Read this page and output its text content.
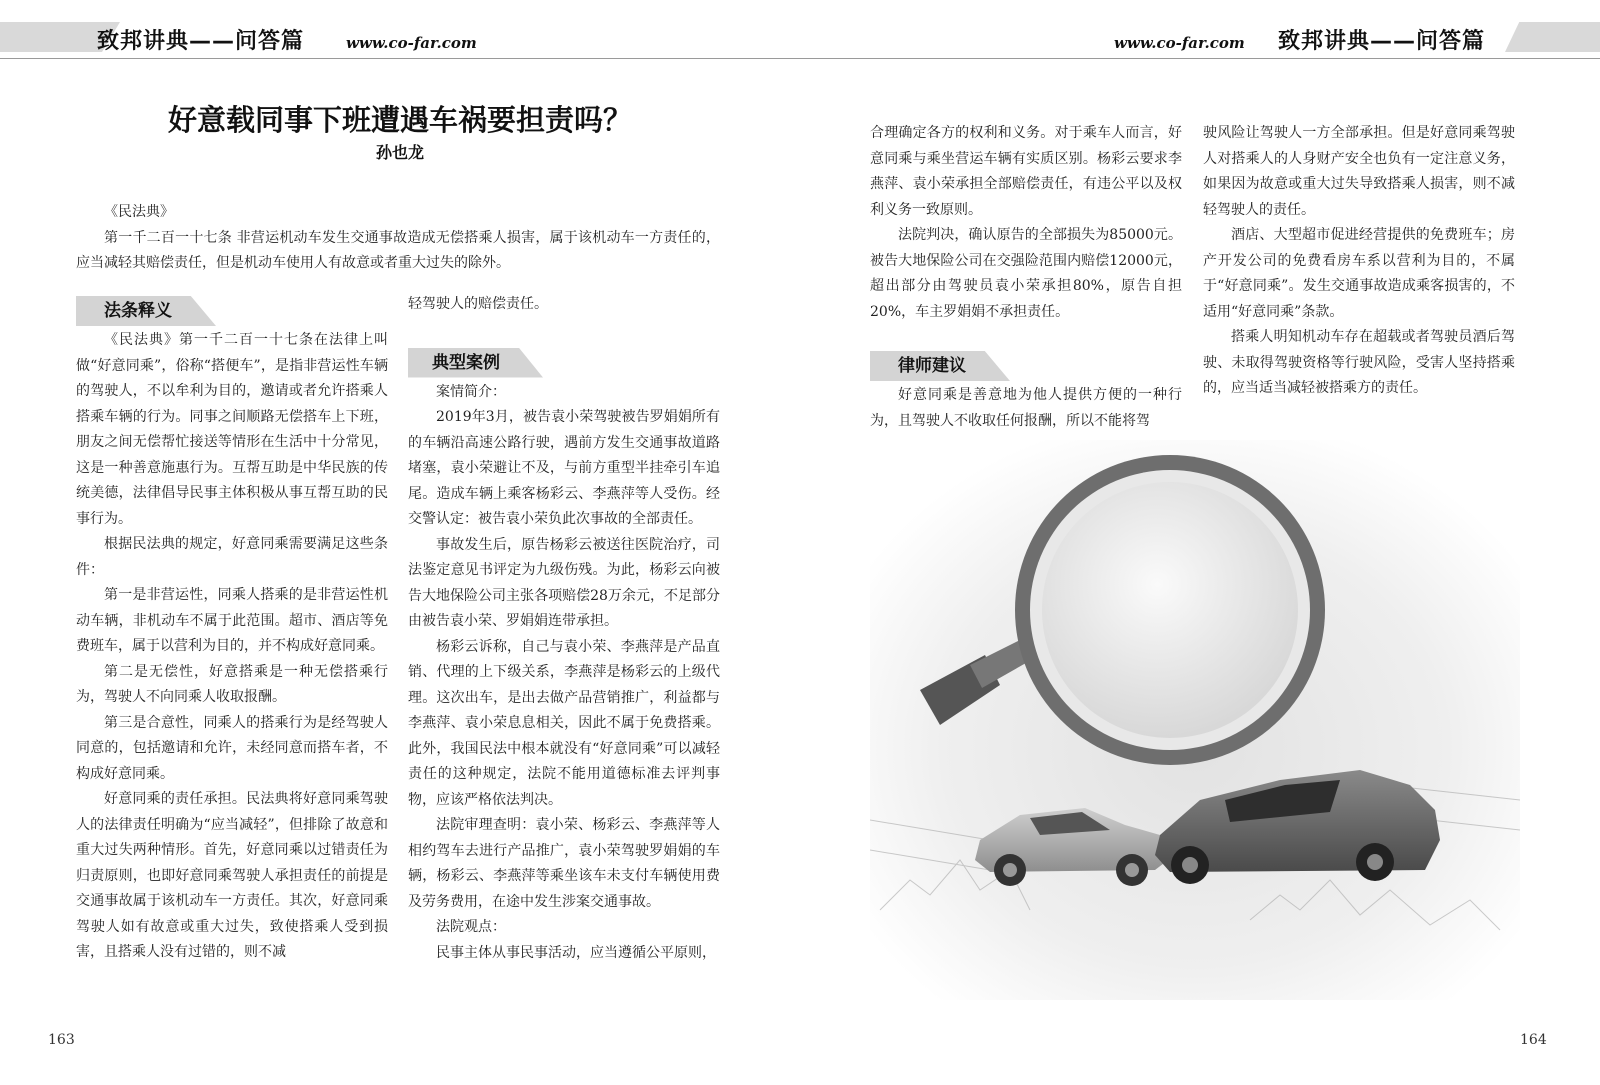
致邦讲典——问答篇	www.co-far.com	www.co-far.com 致邦讲典——问答篇
好意载同事下班遭遇车祸要担责吗？
孙也龙

《民法典》

第一千二百一十七条 非营运机动车发生交通事故造成无偿搭乘人损害，属于该机动车一方责任的，应当减轻其赔偿责任，但是机动车使用人有故意或者重大过失的除外。

法条释义

《民法典》第一千二百一十七条在法律上叫做“好意同乘”，俗称“搭便车”，是指非营运性车辆的驾驶人，不以牟利为目的，邀请或者允许搭乘人搭乘车辆的行为。同事之间顺路无偿搭车上下班，朋友之间无偿帮忙接送等情形在生活中十分常见，这是一种善意施惠行为。互帮互助是中华民族的传统美德，法律倡导民事主体积极从事互帮互助的民事行为。

根据民法典的规定，好意同乘需要满足这些条件：

第一是非营运性，同乘人搭乘的是非营运性机动车辆，非机动车不属于此范围。超市、酒店等免费班车，属于以营利为目的，并不构成好意同乘。

第二是无偿性，好意搭乘是一种无偿搭乘行为，驾驶人不向同乘人收取报酬。

第三是合意性，同乘人的搭乘行为是经驾驶人同意的，包括邀请和允许，未经同意而搭车者，不构成好意同乘。

好意同乘的责任承担。民法典将好意同乘驾驶人的法律责任明确为“应当减轻”，但排除了故意和重大过失两种情形。首先，好意同乘以过错责任为归责原则，也即好意同乘驾驶人承担责任的前提是交通事故属于该机动车一方责任。其次，好意同乘驾驶人如有故意或重大过失，致使搭乘人受到损害，且搭乘人没有过错的，则不减

轻驾驶人的赔偿责任。

典型案例

案情简介：

2019年3月，被告袁小荣驾驶被告罗娟娟所有的车辆沿高速公路行驶，遇前方发生交通事故道路堵塞，袁小荣避让不及，与前方重型半挂牵引车追尾。造成车辆上乘客杨彩云、李燕萍等人受伤。经交警认定：被告袁小荣负此次事故的全部责任。

事故发生后，原告杨彩云被送往医院治疗，司法鉴定意见书评定为九级伤残。为此，杨彩云向被告大地保险公司主张各项赔偿28万余元，不足部分由被告袁小荣、罗娟娟连带承担。

杨彩云诉称，自己与袁小荣、李燕萍是产品直销、代理的上下级关系，李燕萍是杨彩云的上级代理。这次出车，是出去做产品营销推广，利益都与李燕萍、袁小荣息息相关，因此不属于免费搭乘。此外，我国民法中根本就没有“好意同乘”可以减轻责任的这种规定，法院不能用道德标准去评判事物，应该严格依法判决。

法院审理查明：袁小荣、杨彩云、李燕萍等人相约驾车去进行产品推广，袁小荣驾驶罗娟娟的车辆，杨彩云、李燕萍等乘坐该车未支付车辆使用费及劳务费用，在途中发生涉案交通事故。

法院观点：

民事主体从事民事活动，应当遵循公平原则，

合理确定各方的权利和义务。对于乘车人而言，好意同乘与乘坐营运车辆有实质区别。杨彩云要求李燕萍、袁小荣承担全部赔偿责任，有违公平以及权利义务一致原则。

法院判决，确认原告的全部损失为85000元。被告大地保险公司在交强险范围内赔偿12000元，超出部分由驾驶员袁小荣承担80%，原告自担20%，车主罗娟娟不承担责任。

律师建议

好意同乘是善意地为他人提供方便的一种行为，且驾驶人不收取任何报酬，所以不能将驾

驶风险让驾驶人一方全部承担。但是好意同乘驾驶人对搭乘人的人身财产安全也负有一定注意义务，如果因为故意或重大过失导致搭乘人损害，则不减轻驾驶人的责任。

酒店、大型超市促进经营提供的免费班车；房产开发公司的免费看房车系以营利为目的，不属于“好意同乘”。发生交通事故造成乘客损害的，不适用“好意同乘”条款。

搭乘人明知机动车存在超载或者驾驶员酒后驾驶、未取得驾驶资格等行驶风险，受害人坚持搭乘的，应当适当减轻被搭乘方的责任。

163	164
